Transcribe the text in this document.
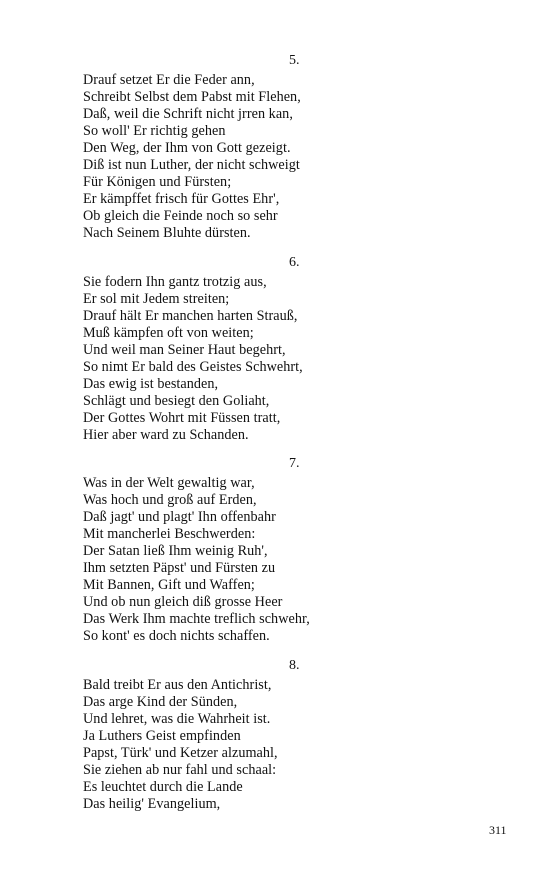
5.
Drauf setzet Er die Feder ann,
Schreibt Selbst dem Pabst mit Flehen,
Daß, weil die Schrift nicht jrren kan,
So woll' Er richtig gehen
Den Weg, der Ihm von Gott gezeigt.
Diß ist nun Luther, der nicht schweigt
Für Königen und Fürsten;
Er kämpffet frisch für Gottes Ehr',
Ob gleich die Feinde noch so sehr
Nach Seinem Bluhte dürsten.
6.
Sie fodern Ihn gantz trotzig aus,
Er sol mit Jedem streiten;
Drauf hält Er manchen harten Strauß,
Muß kämpfen oft von weiten;
Und weil man Seiner Haut begehrt,
So nimt Er bald des Geistes Schwehrt,
Das ewig ist bestanden,
Schlägt und besiegt den Goliaht,
Der Gottes Wohrt mit Füssen tratt,
Hier aber ward zu Schanden.
7.
Was in der Welt gewaltig war,
Was hoch und groß auf Erden,
Daß jagt' und plagt' Ihn offenbahr
Mit mancherlei Beschwerden:
Der Satan ließ Ihm weinig Ruh',
Ihm setzten Päpst' und Fürsten zu
Mit Bannen, Gift und Waffen;
Und ob nun gleich diß grosse Heer
Das Werk Ihm machte treflich schwehr,
So kont' es doch nichts schaffen.
8.
Bald treibt Er aus den Antichrist,
Das arge Kind der Sünden,
Und lehret, was die Wahrheit ist.
Ja Luthers Geist empfinden
Papst, Türk' und Ketzer alzumahl,
Sie ziehen ab nur fahl und schaal:
Es leuchtet durch die Lande
Das heilig' Evangelium,
311
